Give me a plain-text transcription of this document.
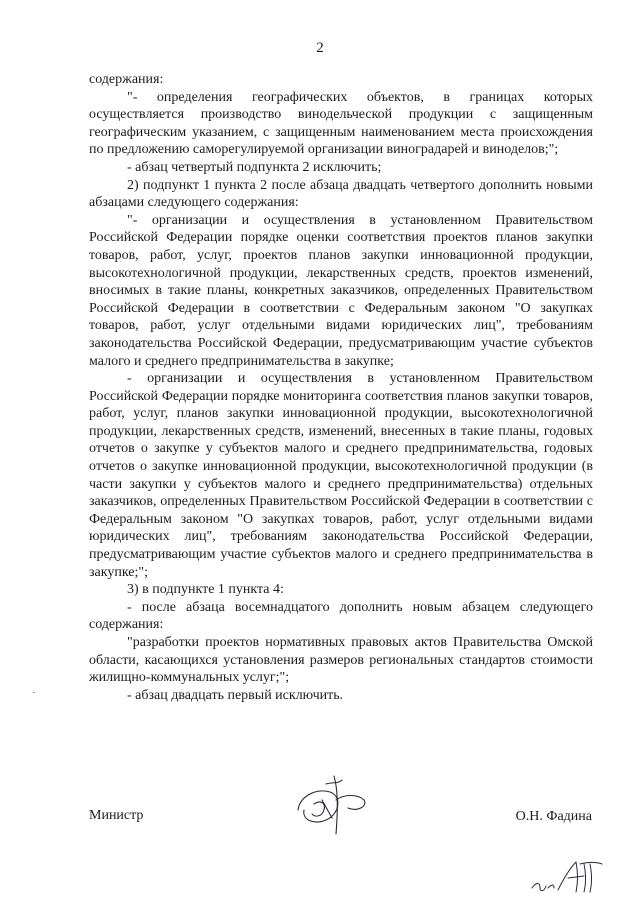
2

содержания:

"- определения географических объектов, в границах которых осуществляется производство винодельческой продукции с защищенным географическим указанием, с защищенным наименованием места происхождения по предложению саморегулируемой организации виноградарей и виноделов;";

- абзац четвертый подпункта 2 исключить;

2) подпункт 1 пункта 2 после абзаца двадцать четвертого дополнить новыми абзацами следующего содержания:

"- организации и осуществления в установленном Правительством Российской Федерации порядке оценки соответствия проектов планов закупки товаров, работ, услуг, проектов планов закупки инновационной продукции, высокотехнологичной продукции, лекарственных средств, проектов изменений, вносимых в такие планы, конкретных заказчиков, определенных Правительством Российской Федерации в соответствии с Федеральным законом "О закупках товаров, работ, услуг отдельными видами юридических лиц", требованиям законодательства Российской Федерации, предусматривающим участие субъектов малого и среднего предпринимательства в закупке;

- организации и осуществления в установленном Правительством Российской Федерации порядке мониторинга соответствия планов закупки товаров, работ, услуг, планов закупки инновационной продукции, высокотехнологичной продукции, лекарственных средств, изменений, внесенных в такие планы, годовых отчетов о закупке у субъектов малого и среднего предпринимательства, годовых отчетов о закупке инновационной продукции, высокотехнологичной продукции (в части закупки у субъектов малого и среднего предпринимательства) отдельных заказчиков, определенных Правительством Российской Федерации в соответствии с Федеральным законом "О закупках товаров, работ, услуг отдельными видами юридических лиц", требованиям законодательства Российской Федерации, предусматривающим участие субъектов малого и среднего предпринимательства в закупке;";

3) в подпункте 1 пункта 4:

- после абзаца восемнадцатого дополнить новым абзацем следующего содержания:

"разработки проектов нормативных правовых актов Правительства Омской области, касающихся установления размеров региональных стандартов стоимости жилищно-коммунальных услуг;";

- абзац двадцать первый исключить.

Министр	О.Н. Фадина
